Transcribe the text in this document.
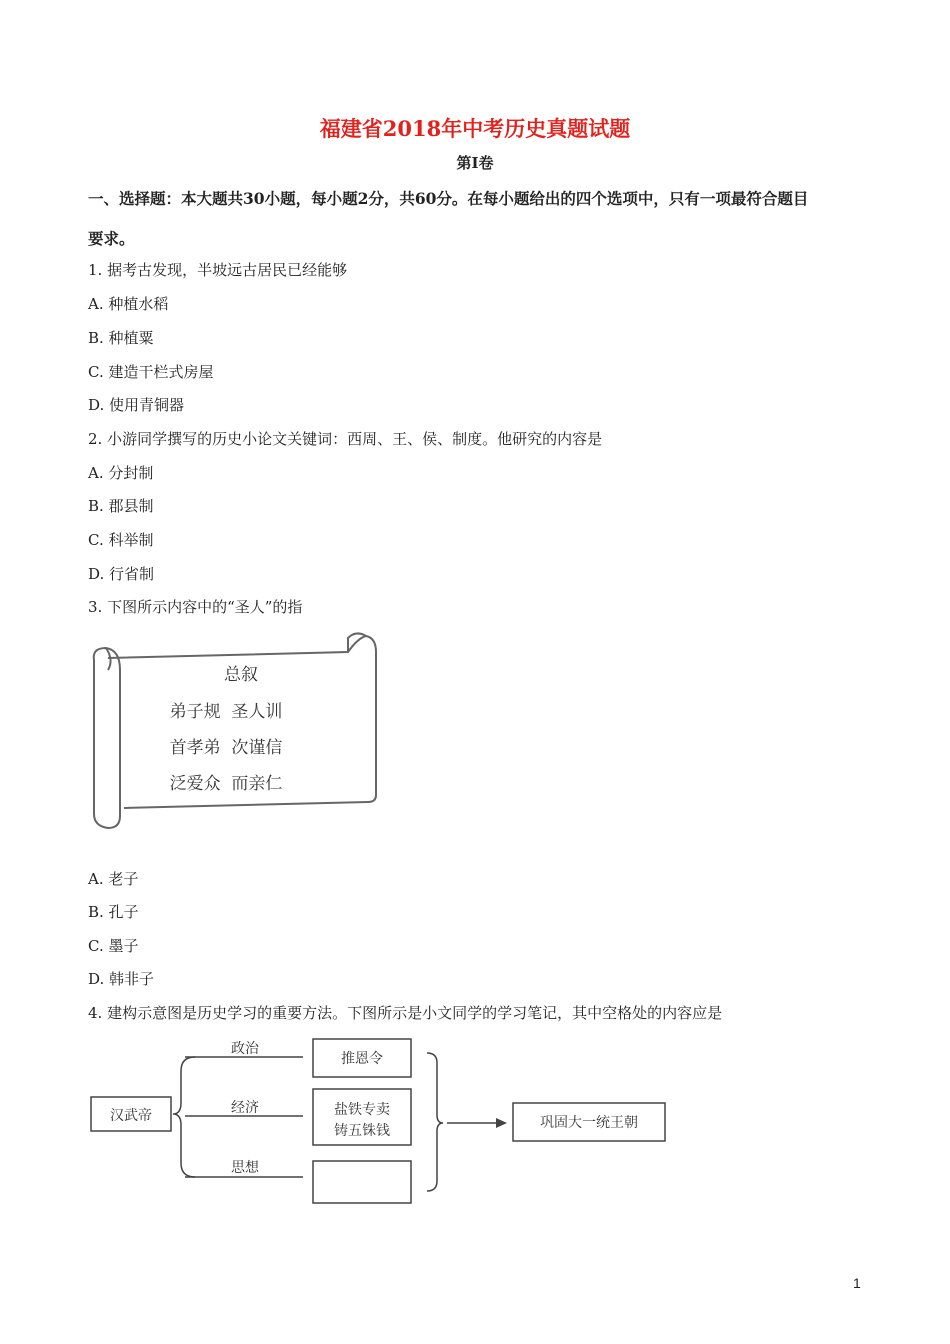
福建省2018年中考历史真题试题
第I卷
一、选择题：本大题共30小题，每小题2分，共60分。在每小题给出的四个选项中，只有一项最符合题目
要求。
1. 据考古发现，半坡远古居民已经能够
A. 种植水稻
B. 种植粟
C. 建造干栏式房屋
D. 使用青铜器
2. 小游同学撰写的历史小论文关键词：西周、王、侯、制度。他研究的内容是
A. 分封制
B. 郡县制
C. 科举制
D. 行省制
3. 下图所示内容中的“圣人”的指
总叙
弟子规  圣人训
首孝弟  次谨信
泛爱众  而亲仁
A. 老子
B. 孔子
C. 墨子
D. 韩非子
4. 建构示意图是历史学习的重要方法。下图所示是小文同学的学习笔记，其中空格处的内容应是
汉武帝
政治
经济
思想
推恩令
盐铁专卖
铸五铢钱	巩固大一统王朝
1
